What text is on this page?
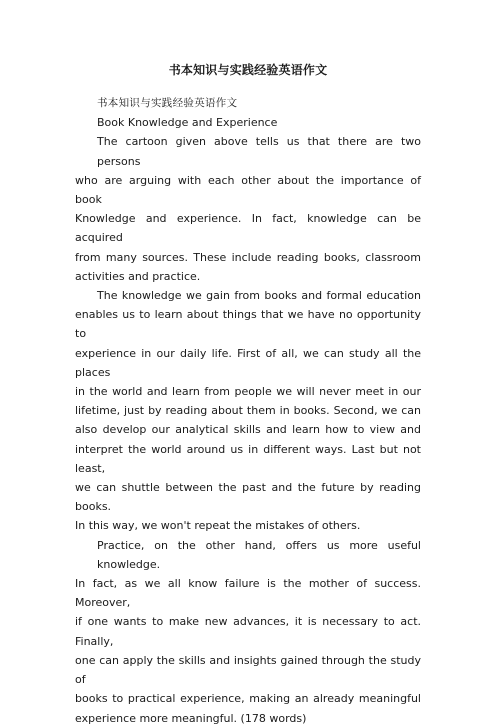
书本知识与实践经验英语作文
书本知识与实践经验英语作文
Book Knowledge and Experience
The cartoon given above tells us that there are two persons
who are arguing with each other about the importance of book
Knowledge and experience. In fact, knowledge can be acquired
from many sources. These include reading books, classroom
activities and practice.
The knowledge we gain from books and formal education
enables us to learn about things that we have no opportunity to
experience in our daily life. First of all, we can study all the places
in the world and learn from people we will never meet in our
lifetime, just by reading about them in books. Second, we can
also develop our analytical skills and learn how to view and
interpret the world around us in different ways. Last but not least,
we can shuttle between the past and the future by reading books.
In this way, we won't repeat the mistakes of others.
Practice, on the other hand, offers us more useful knowledge.
In fact, as we all know failure is the mother of success. Moreover,
if one wants to make new advances, it is necessary to act. Finally,
one can apply the skills and insights gained through the study of
books to practical experience, making an already meaningful
experience more meaningful. (178 words)
